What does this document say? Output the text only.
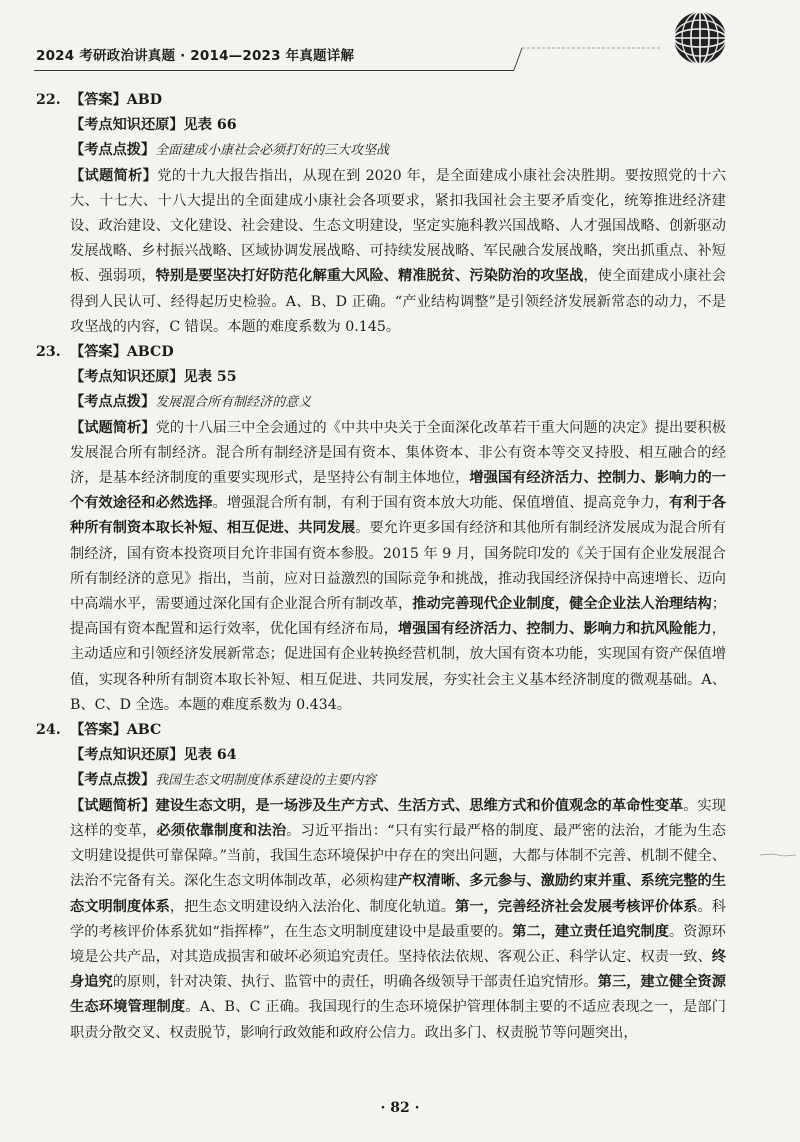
2024 考研政治讲真题 · 2014—2023 年真题详解
22. 【答案】ABD
【考点知识还原】见表 66
【考点点拨】全面建成小康社会必须打好的三大攻坚战
【试题简析】党的十九大报告指出，从现在到 2020 年，是全面建成小康社会决胜期。要按照党的十六大、十七大、十八大提出的全面建成小康社会各项要求，紧扣我国社会主要矛盾变化，统筹推进经济建设、政治建设、文化建设、社会建设、生态文明建设，坚定实施科教兴国战略、人才强国战略、创新驱动发展战略、乡村振兴战略、区域协调发展战略、可持续发展战略、军民融合发展战略，突出抓重点、补短板、强弱项，特别是要坚决打好防范化解重大风险、精准脱贫、污染防治的攻坚战，使全面建成小康社会得到人民认可、经得起历史检验。A、B、D 正确。“产业结构调整”是引领经济发展新常态的动力，不是攻坚战的内容，C 错误。本题的难度系数为 0.145。
23. 【答案】ABCD
【考点知识还原】见表 55
【考点点拨】发展混合所有制经济的意义
【试题简析】党的十八届三中全会通过的《中共中央关于全面深化改革若干重大问题的决定》提出要积极发展混合所有制经济。混合所有制经济是国有资本、集体资本、非公有资本等交叉持股、相互融合的经济，是基本经济制度的重要实现形式，是坚持公有制主体地位，增强国有经济活力、控制力、影响力的一个有效途径和必然选择。增强混合所有制，有利于国有资本放大功能、保值增值、提高竞争力，有利于各种所有制资本取长补短、相互促进、共同发展。要允许更多国有经济和其他所有制经济发展成为混合所有制经济，国有资本投资项目允许非国有资本参股。2015 年 9 月，国务院印发的《关于国有企业发展混合所有制经济的意见》指出，当前，应对日益激烈的国际竞争和挑战，推动我国经济保持中高速增长、迈向中高端水平，需要通过深化国有企业混合所有制改革，推动完善现代企业制度，健全企业法人治理结构；提高国有资本配置和运行效率，优化国有经济布局，增强国有经济活力、控制力、影响力和抗风险能力，主动适应和引领经济发展新常态；促进国有企业转换经营机制，放大国有资本功能，实现国有资产保值增值，实现各种所有制资本取长补短、相互促进、共同发展，夯实社会主义基本经济制度的微观基础。A、B、C、D 全选。本题的难度系数为 0.434。
24. 【答案】ABC
【考点知识还原】见表 64
【考点点拨】我国生态文明制度体系建设的主要内容
【试题简析】建设生态文明，是一场涉及生产方式、生活方式、思维方式和价值观念的革命性变革。实现这样的变革，必须依靠制度和法治。习近平指出：“只有实行最严格的制度、最严密的法治，才能为生态文明建设提供可靠保障。”当前，我国生态环境保护中存在的突出问题，大都与体制不完善、机制不健全、法治不完备有关。深化生态文明体制改革，必须构建产权清晰、多元参与、激励约束并重、系统完整的生态文明制度体系，把生态文明建设纳入法治化、制度化轨道。第一，完善经济社会发展考核评价体系。科学的考核评价体系犹如“指挥棒”，在生态文明制度建设中是最重要的。第二，建立责任追究制度。资源环境是公共产品，对其造成损害和破坏必须追究责任。坚持依法依规、客观公正、科学认定、权责一致、终身追究的原则，针对决策、执行、监管中的责任，明确各级领导干部责任追究情形。第三，建立健全资源生态环境管理制度。A、B、C 正确。我国现行的生态环境保护管理体制主要的不适应表现之一，是部门职责分散交叉、权责脱节，影响行政效能和政府公信力。政出多门、权责脱节等问题突出，
· 82 ·
